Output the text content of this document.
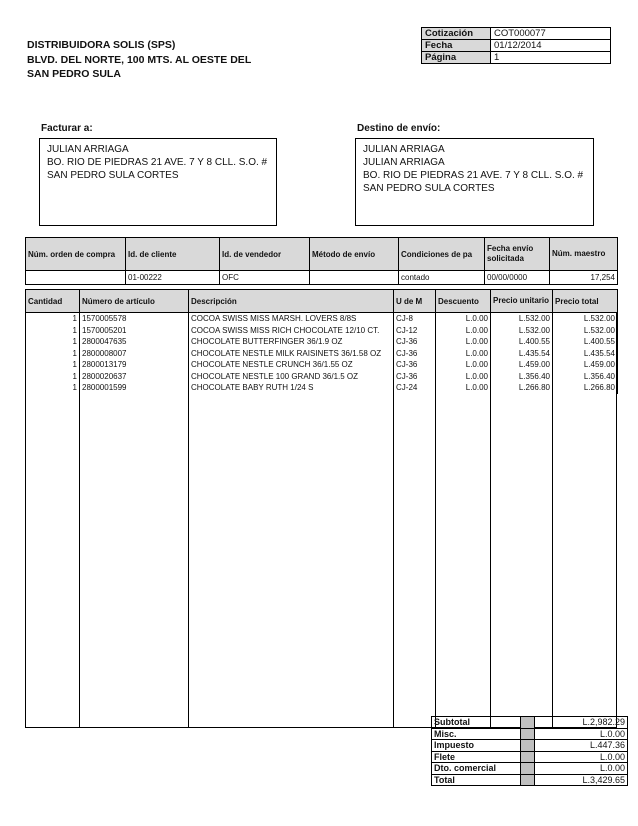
DISTRIBUIDORA SOLIS (SPS)
BLVD. DEL NORTE, 100 MTS. AL OESTE DEL
SAN PEDRO SULA
Cotización	COT000077
Fecha	01/12/2014
Página	1
Facturar a:
JULIAN ARRIAGA
BO. RIO DE PIEDRAS 21 AVE. 7 Y 8 CLL. S.O. #
SAN PEDRO SULA CORTES
Destino de envío:
JULIAN ARRIAGA
JULIAN ARRIAGA
BO. RIO DE PIEDRAS 21 AVE. 7 Y 8 CLL. S.O. #
SAN PEDRO SULA CORTES
Núm. orden de compra	Id. de cliente	Id. de vendedor	Método de envío	Condiciones de pa	Fecha envío solicitada	Núm. maestro
	01-00222	OFC		contado	00/00/0000	17,254
Cantidad	Número de artículo	Descripción	U de M	Descuento	Precio unitario	Precio total
1	1570005578	COCOA SWISS MISS MARSH. LOVERS 8/8S	CJ-8	L.0.00	L.532.00	L.532.00
1	1570005201	COCOA SWISS MISS RICH CHOCOLATE 12/10 CT.	CJ-12	L.0.00	L.532.00	L.532.00
1	2800047635	CHOCOLATE BUTTERFINGER 36/1.9 OZ	CJ-36	L.0.00	L.400.55	L.400.55
1	2800008007	CHOCOLATE NESTLE MILK RAISINETS 36/1.58 OZ	CJ-36	L.0.00	L.435.54	L.435.54
1	2800013179	CHOCOLATE NESTLE CRUNCH 36/1.55 OZ	CJ-36	L.0.00	L.459.00	L.459.00
1	2800020637	CHOCOLATE NESTLE 100 GRAND 36/1.5 OZ	CJ-36	L.0.00	L.356.40	L.356.40
1	2800001599	CHOCOLATE BABY RUTH 1/24 S	CJ-24	L.0.00	L.266.80	L.266.80
Subtotal		L.2,982.29
Misc.		L.0.00
Impuesto		L.447.36
Flete		L.0.00
Dto. comercial		L.0.00
Total		L.3,429.65
